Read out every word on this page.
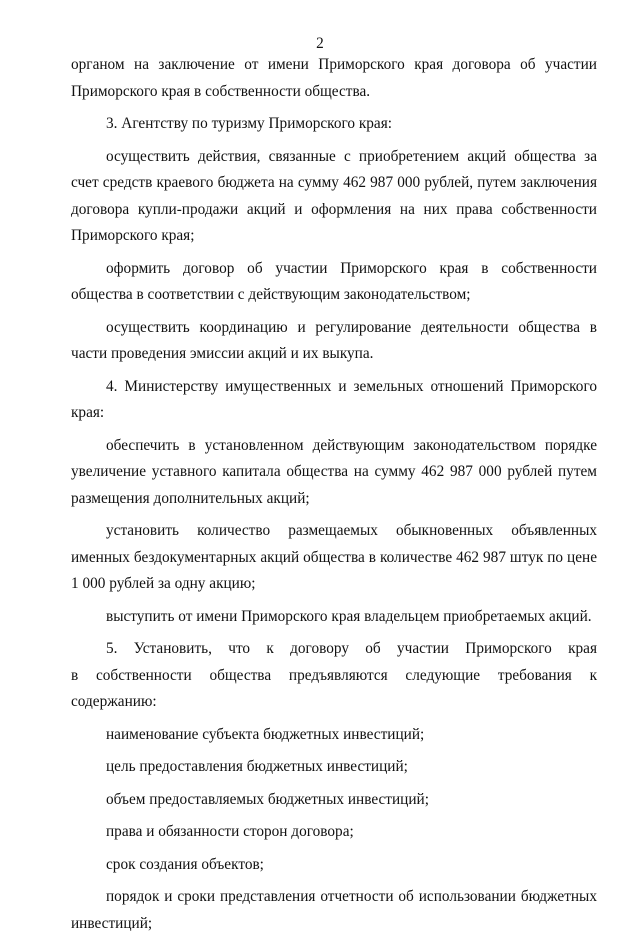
2

органом на заключение от имени Приморского края договора об участии Приморского края в собственности общества.

3. Агентству по туризму Приморского края:

осуществить действия, связанные с приобретением акций общества за счет средств краевого бюджета на сумму 462 987 000 рублей, путем заключения договора купли-продажи акций и оформления на них права собственности Приморского края;

оформить договор об участии Приморского края в собственности общества в соответствии с действующим законодательством;

осуществить координацию и регулирование деятельности общества в части проведения эмиссии акций и их выкупа.

4. Министерству имущественных и земельных отношений Приморского края:

обеспечить в установленном действующим законодательством порядке увеличение уставного капитала общества на сумму 462 987 000 рублей путем размещения дополнительных акций;

установить количество размещаемых обыкновенных объявленных именных бездокументарных акций общества в количестве 462 987 штук по цене 1 000 рублей за одну акцию;

выступить от имени Приморского края владельцем приобретаемых акций.

5. Установить, что к договору об участии Приморского края в собственности общества предъявляются следующие требования к содержанию:

наименование субъекта бюджетных инвестиций;

цель предоставления бюджетных инвестиций;

объем предоставляемых бюджетных инвестиций;

права и обязанности сторон договора;

срок создания объектов;

порядок и сроки представления отчетности об использовании бюджетных инвестиций;
